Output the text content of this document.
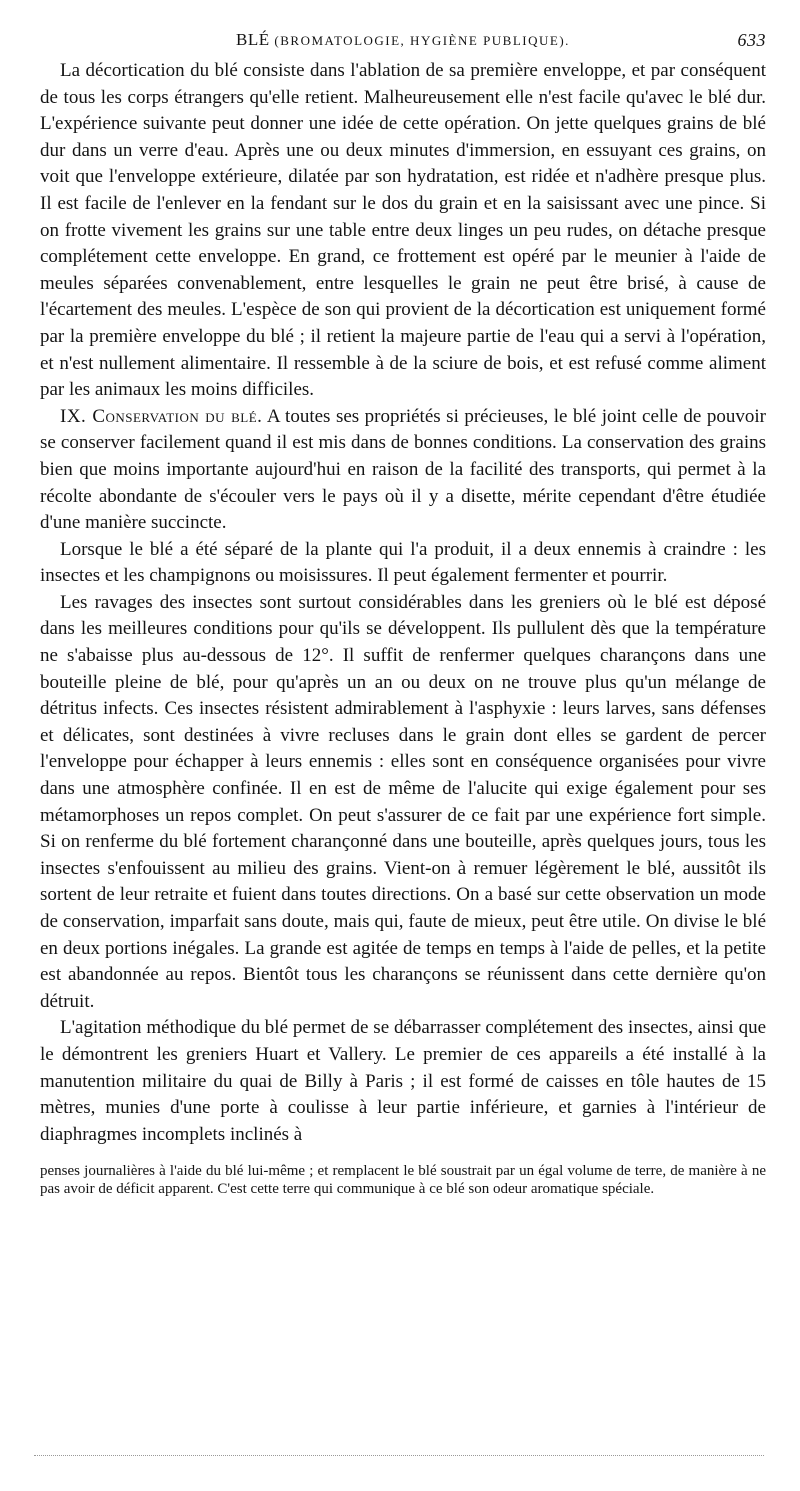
BLÉ (BROMATOLOGIE, HYGIÈNE PUBLIQUE).	633

La décortication du blé consiste dans l'ablation de sa première enveloppe, et par conséquent de tous les corps étrangers qu'elle retient. Malheureusement elle n'est facile qu'avec le blé dur. L'expérience suivante peut donner une idée de cette opération. On jette quelques grains de blé dur dans un verre d'eau. Après une ou deux minutes d'immersion, en essuyant ces grains, on voit que l'enveloppe extérieure, dilatée par son hydratation, est ridée et n'adhère presque plus. Il est facile de l'enlever en la fendant sur le dos du grain et en la saisissant avec une pince. Si on frotte vivement les grains sur une table entre deux linges un peu rudes, on détache presque complétement cette enveloppe. En grand, ce frottement est opéré par le meunier à l'aide de meules séparées convenablement, entre lesquelles le grain ne peut être brisé, à cause de l'écartement des meules. L'espèce de son qui provient de la décortication est uniquement formé par la première enveloppe du blé ; il retient la majeure partie de l'eau qui a servi à l'opération, et n'est nullement alimentaire. Il ressemble à de la sciure de bois, et est refusé comme aliment par les animaux les moins difficiles.

IX. Conservation du blé. A toutes ses propriétés si précieuses, le blé joint celle de pouvoir se conserver facilement quand il est mis dans de bonnes conditions. La conservation des grains bien que moins importante aujourd'hui en raison de la facilité des transports, qui permet à la récolte abondante de s'écouler vers le pays où il y a disette, mérite cependant d'être étudiée d'une manière succincte.

Lorsque le blé a été séparé de la plante qui l'a produit, il a deux ennemis à craindre : les insectes et les champignons ou moisissures. Il peut également fermenter et pourrir.

Les ravages des insectes sont surtout considérables dans les greniers où le blé est déposé dans les meilleures conditions pour qu'ils se développent. Ils pullulent dès que la température ne s'abaisse plus au-dessous de 12°. Il suffit de renfermer quelques charançons dans une bouteille pleine de blé, pour qu'après un an ou deux on ne trouve plus qu'un mélange de détritus infects. Ces insectes résistent admirablement à l'asphyxie : leurs larves, sans défenses et délicates, sont destinées à vivre recluses dans le grain dont elles se gardent de percer l'enveloppe pour échapper à leurs ennemis : elles sont en conséquence organisées pour vivre dans une atmosphère confinée. Il en est de même de l'alucite qui exige également pour ses métamorphoses un repos complet. On peut s'assurer de ce fait par une expérience fort simple. Si on renferme du blé fortement charançonné dans une bouteille, après quelques jours, tous les insectes s'enfouissent au milieu des grains. Vient-on à remuer légèrement le blé, aussitôt ils sortent de leur retraite et fuient dans toutes directions. On a basé sur cette observation un mode de conservation, imparfait sans doute, mais qui, faute de mieux, peut être utile. On divise le blé en deux portions inégales. La grande est agitée de temps en temps à l'aide de pelles, et la petite est abandonnée au repos. Bientôt tous les charançons se réunissent dans cette dernière qu'on détruit.

L'agitation méthodique du blé permet de se débarrasser complétement des insectes, ainsi que le démontrent les greniers Huart et Vallery. Le premier de ces appareils a été installé à la manutention militaire du quai de Billy à Paris ; il est formé de caisses en tôle hautes de 15 mètres, munies d'une porte à coulisse à leur partie inférieure, et garnies à l'intérieur de diaphragmes incomplets inclinés à

penses journalières à l'aide du blé lui-même ; et remplacent le blé soustrait par un égal volume de terre, de manière à ne pas avoir de déficit apparent. C'est cette terre qui communique à ce blé son odeur aromatique spéciale.
